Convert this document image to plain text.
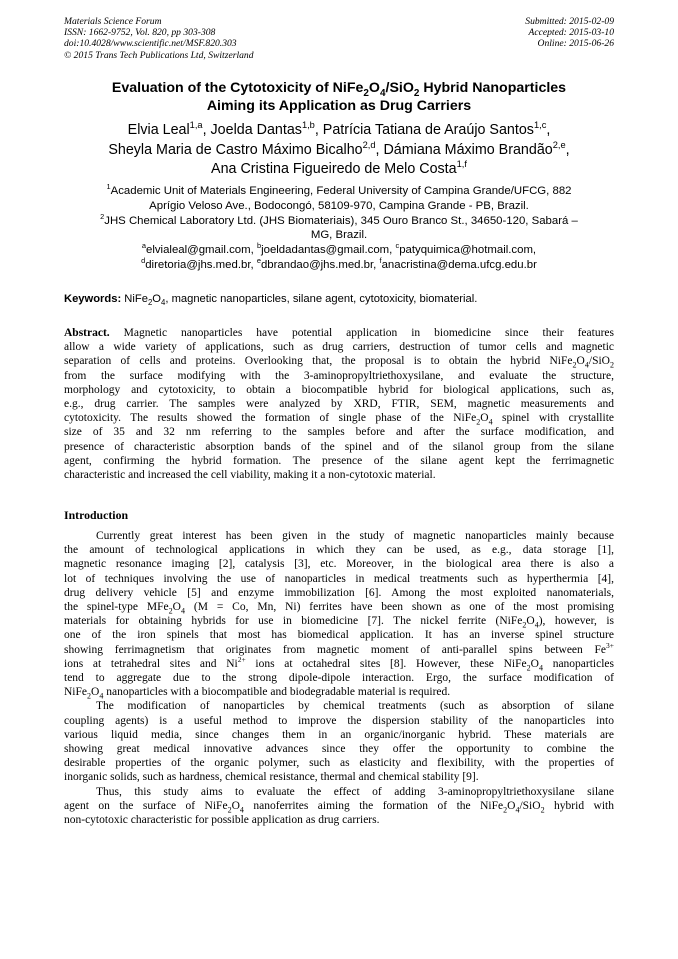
Materials Science Forum
ISSN: 1662-9752, Vol. 820, pp 303-308
doi:10.4028/www.scientific.net/MSF.820.303
© 2015 Trans Tech Publications Ltd, Switzerland
Submitted: 2015-02-09
Accepted: 2015-03-10
Online: 2015-06-26
Evaluation of the Cytotoxicity of $NiFe_2O_4/SiO_2$ Hybrid Nanoparticles
Aiming its Application as Drug Carriers
Elvia Leal$^{1,a}$, Joelda Dantas$^{1,b}$, Patrícia Tatiana de Araújo Santos$^{1,c}$,
Sheyla Maria de Castro Máximo Bicalho$^{2,d}$, Dámiana Máximo Brandão$^{2,e}$,
Ana Cristina Figueiredo de Melo Costa$^{1,f}$
$^1$Academic Unit of Materials Engineering, Federal University of Campina Grande/UFCG, 882
Aprígio Veloso Ave., Bodocongó, 58109-970, Campina Grande - PB, Brazil.
$^2$JHS Chemical Laboratory Ltd. (JHS Biomateriais), 345 Ouro Branco St., 34650-120, Sabará –
MG, Brazil.
$^a$elvialeal@gmail.com, $^b$joeldadantas@gmail.com, $^c$patyquimica@hotmail.com,
$^d$diretoria@jhs.med.br, $^e$dbrandao@jhs.med.br, $^f$anacristina@dema.ufcg.edu.br
Keywords: $NiFe_2O_4$, magnetic nanoparticles, silane agent, cytotoxicity, biomaterial.
Abstract. Magnetic nanoparticles have potential application in biomedicine since their features
allow a wide variety of applications, such as drug carriers, destruction of tumor cells and magnetic
separation of cells and proteins. Overlooking that, the proposal is to obtain the hybrid $NiFe_2O_4/SiO_2$
from the surface modifying with the 3-aminopropyltriethoxysilane, and evaluate the structure,
morphology and cytotoxicity, to obtain a biocompatible hybrid for biological applications, such as,
e.g., drug carrier. The samples were analyzed by XRD, FTIR, SEM, magnetic measurements and
cytotoxicity. The results showed the formation of single phase of the $NiFe_2O_4$ spinel with crystallite
size of 35 and 32 nm referring to the samples before and after the surface modification, and
presence of characteristic absorption bands of the spinel and of the silanol group from the silane
agent, confirming the hybrid formation. The presence of the silane agent kept the ferrimagnetic
characteristic and increased the cell viability, making it a non-cytotoxic material.
Introduction
Currently great interest has been given in the study of magnetic nanoparticles mainly because
the amount of technological applications in which they can be used, as e.g., data storage [1],
magnetic resonance imaging [2], catalysis [3], etc. Moreover, in the biological area there is also a
lot of techniques involving the use of nanoparticles in medical treatments such as hyperthermia [4],
drug delivery vehicle [5] and enzyme immobilization [6]. Among the most exploited nanomaterials,
the spinel-type $MFe_2O_4$ (M = Co, Mn, Ni) ferrites have been shown as one of the most promising
materials for obtaining hybrids for use in biomedicine [7]. The nickel ferrite $(NiFe_2O_4)$, however, is
one of the iron spinels that most has biomedical application. It has an inverse spinel structure
showing ferrimagnetism that originates from magnetic moment of anti-parallel spins between $Fe^{3+}$
ions at tetrahedral sites and $Ni^{2+}$ ions at octahedral sites [8]. However, these $NiFe_2O_4$ nanoparticles
tend to aggregate due to the strong dipole-dipole interaction. Ergo, the surface modification of
$NiFe_2O_4$ nanoparticles with a biocompatible and biodegradable material is required.
The modification of nanoparticles by chemical treatments (such as absorption of silane
coupling agents) is a useful method to improve the dispersion stability of the nanoparticles into
various liquid media, since changes them in an organic/inorganic hybrid. These materials are
showing great medical innovative advances since they offer the opportunity to combine the
desirable properties of the organic polymer, such as elasticity and flexibility, with the properties of
inorganic solids, such as hardness, chemical resistance, thermal and chemical stability [9].
Thus, this study aims to evaluate the effect of adding 3-aminopropyltriethoxysilane silane
agent on the surface of $NiFe_2O_4$ nanoferrites aiming the formation of the $NiFe_2O_4/SiO_2$ hybrid with
non-cytotoxic characteristic for possible application as drug carriers.
